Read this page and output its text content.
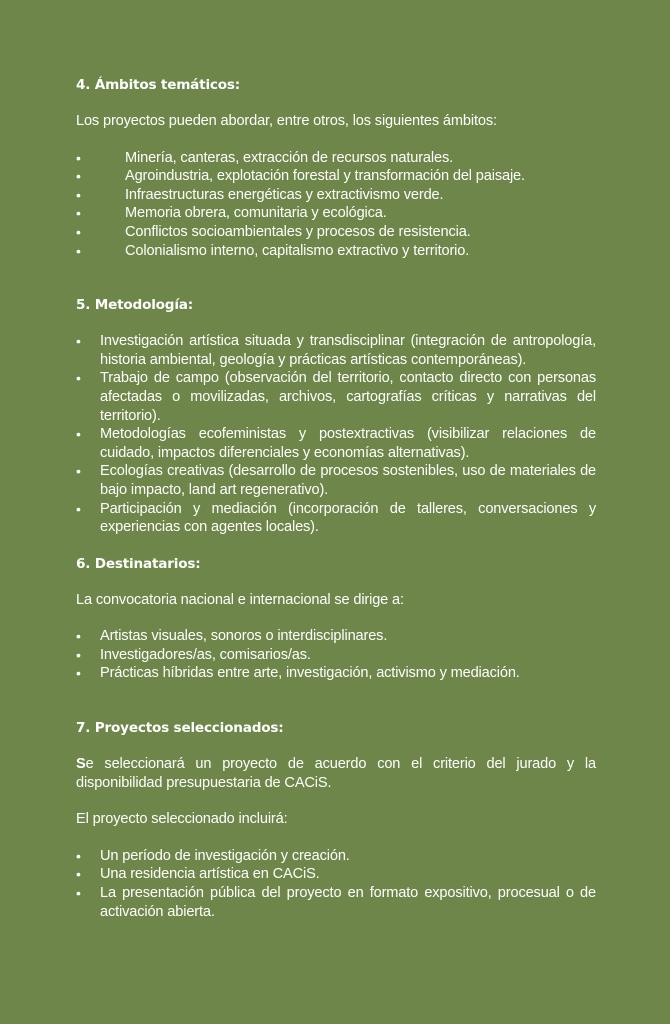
4. Ámbitos temáticos:

Los proyectos pueden abordar, entre otros, los siguientes ámbitos:

•	Minería, canteras, extracción de recursos naturales.
•	Agroindustria, explotación forestal y transformación del paisaje.
•	Infraestructuras energéticas y extractivismo verde.
•	Memoria obrera, comunitaria y ecológica.
•	Conflictos socioambientales y procesos de resistencia.
•	Colonialismo interno, capitalismo extractivo y territorio.
5. Metodología:
•	Investigación artística situada y transdisciplinar (integración de antropología, historia ambiental, geología y prácticas artísticas contemporáneas).
•	Trabajo de campo (observación del territorio, contacto directo con personas afectadas o movilizadas, archivos, cartografías críticas y narrativas del territorio).
•	Metodologías ecofeministas y postextractivas (visibilizar relaciones de cuidado, impactos diferenciales y economías alternativas).
•	Ecologías creativas (desarrollo de procesos sostenibles, uso de materiales de bajo impacto, land art regenerativo).
•	Participación y mediación (incorporación de talleres, conversaciones y experiencias con agentes locales).
6. Destinatarios:

La convocatoria nacional e internacional se dirige a:

•	Artistas visuales, sonoros o interdisciplinares.
•	Investigadores/as, comisarios/as.
•	Prácticas híbridas entre arte, investigación, activismo y mediación.
7. Proyectos seleccionados:

Se seleccionará un proyecto de acuerdo con el criterio del jurado y la disponibilidad presupuestaria de CACiS.

El proyecto seleccionado incluirá:

•	Un período de investigación y creación.
•	Una residencia artística en CACiS.
•	La presentación pública del proyecto en formato expositivo, procesual o de activación abierta.
